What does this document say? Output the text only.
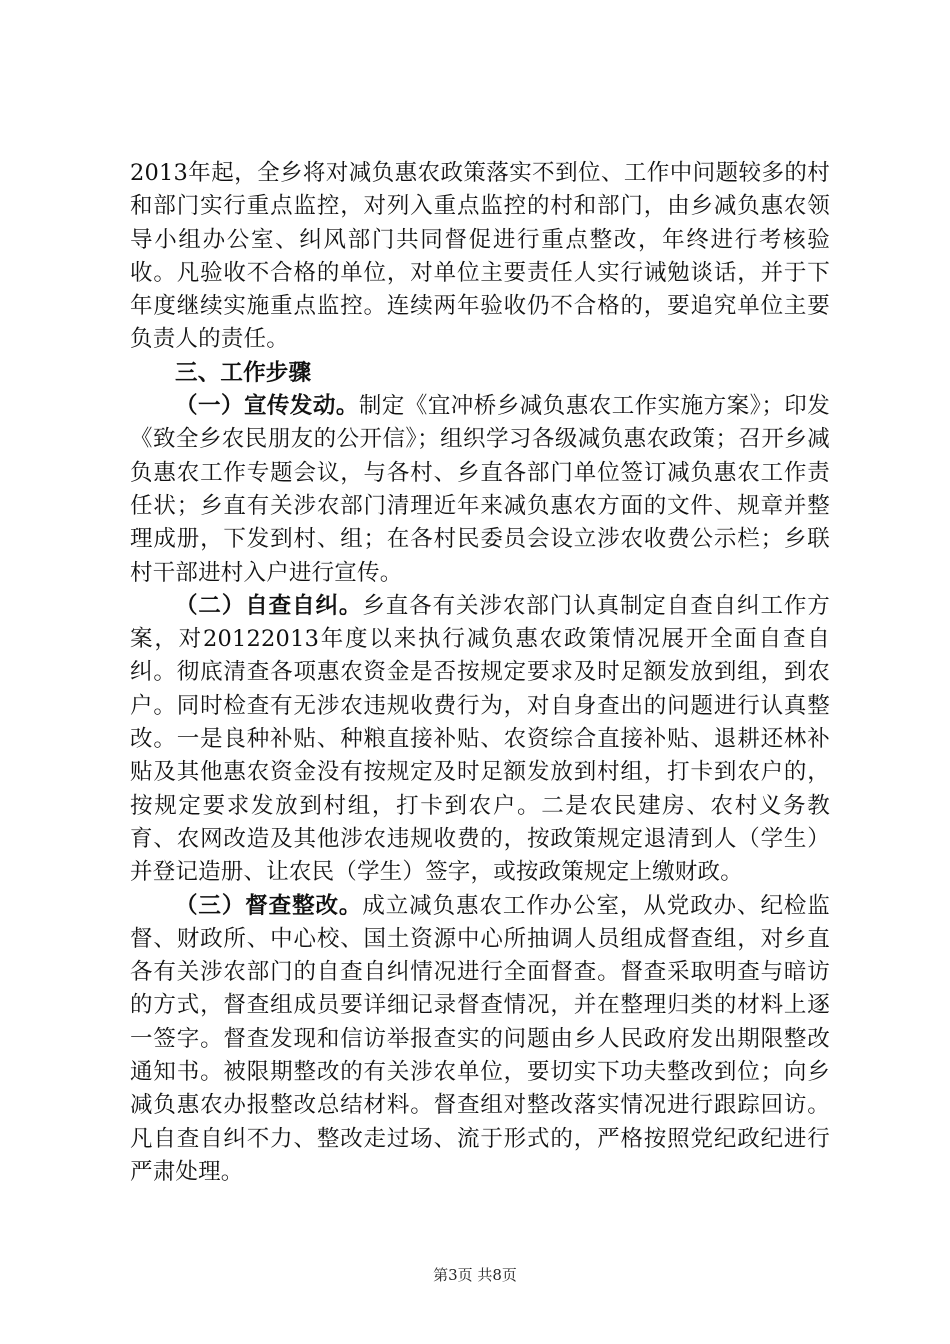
2013年起，全乡将对减负惠农政策落实不到位、工作中问题较多的村和部门实行重点监控，对列入重点监控的村和部门，由乡减负惠农领导小组办公室、纠风部门共同督促进行重点整改，年终进行考核验收。凡验收不合格的单位，对单位主要责任人实行诫勉谈话，并于下年度继续实施重点监控。连续两年验收仍不合格的，要追究单位主要负责人的责任。

三、工作步骤

（一）宣传发动。制定《宜冲桥乡减负惠农工作实施方案》；印发《致全乡农民朋友的公开信》；组织学习各级减负惠农政策；召开乡减负惠农工作专题会议，与各村、乡直各部门单位签订减负惠农工作责任状；乡直有关涉农部门清理近年来减负惠农方面的文件、规章并整理成册，下发到村、组；在各村民委员会设立涉农收费公示栏；乡联村干部进村入户进行宣传。

（二）自查自纠。乡直各有关涉农部门认真制定自查自纠工作方案，对20122013年度以来执行减负惠农政策情况展开全面自查自纠。彻底清查各项惠农资金是否按规定要求及时足额发放到组，到农户。同时检查有无涉农违规收费行为，对自身查出的问题进行认真整改。一是良种补贴、种粮直接补贴、农资综合直接补贴、退耕还林补贴及其他惠农资金没有按规定及时足额发放到村组，打卡到农户的，按规定要求发放到村组，打卡到农户。二是农民建房、农村义务教育、农网改造及其他涉农违规收费的，按政策规定退清到人（学生）并登记造册、让农民（学生）签字，或按政策规定上缴财政。

（三）督查整改。成立减负惠农工作办公室，从党政办、纪检监督、财政所、中心校、国土资源中心所抽调人员组成督查组，对乡直各有关涉农部门的自查自纠情况进行全面督查。督查采取明查与暗访的方式，督查组成员要详细记录督查情况，并在整理归类的材料上逐一签字。督查发现和信访举报查实的问题由乡人民政府发出期限整改通知书。被限期整改的有关涉农单位，要切实下功夫整改到位；向乡减负惠农办报整改总结材料。督查组对整改落实情况进行跟踪回访。凡自查自纠不力、整改走过场、流于形式的，严格按照党纪政纪进行严肃处理。

第3页 共8页
